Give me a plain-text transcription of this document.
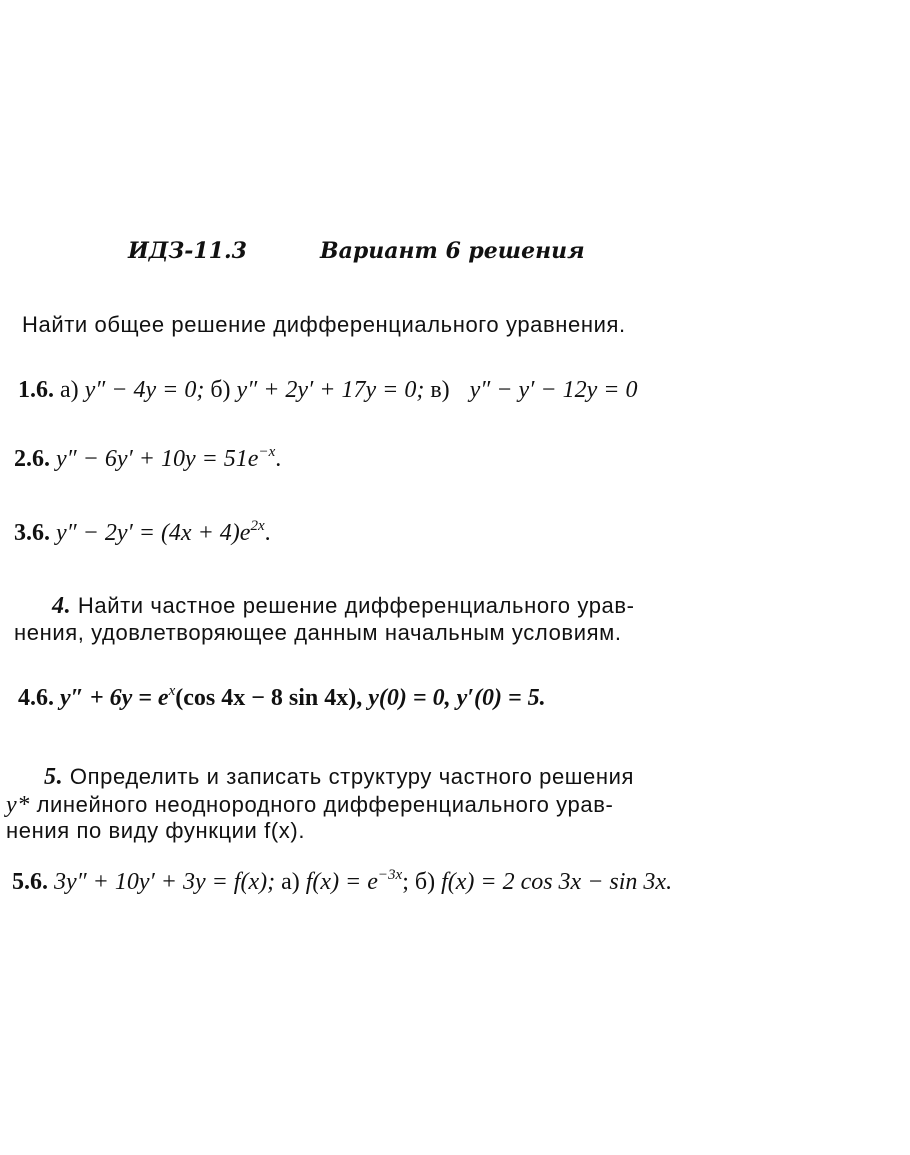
ИДЗ-11.3	Вариант 6 решения
Найти общее решение дифференциального уравнения.
1.6. а) y″ − 4y = 0; б) y″ + 2y′ + 17y = 0; в) y″ − y′ − 12y = 0
2.6. $y'' - 6y' + 10y = 51e^{-x}$.
3.6. $y'' - 2y' = (4x + 4)e^{2x}$.
4. Найти частное решение дифференциального урав-
нения, удовлетворяющее данным начальным условиям.
4.6. $y'' + 6y = e^x(\cos$ 4x − 8 sin 4x), y(0) = 0, y′(0) = 5.
5. Определить и записать структуру частного решения
y* линейного неоднородного дифференциального урав-
нения по виду функции f(x).
5.6. 3y″ + 10y′ + 3y = f(x); а) $f(x) = e^{-3x}$; б) f(x) = 2 cos 3x − sin 3x.
